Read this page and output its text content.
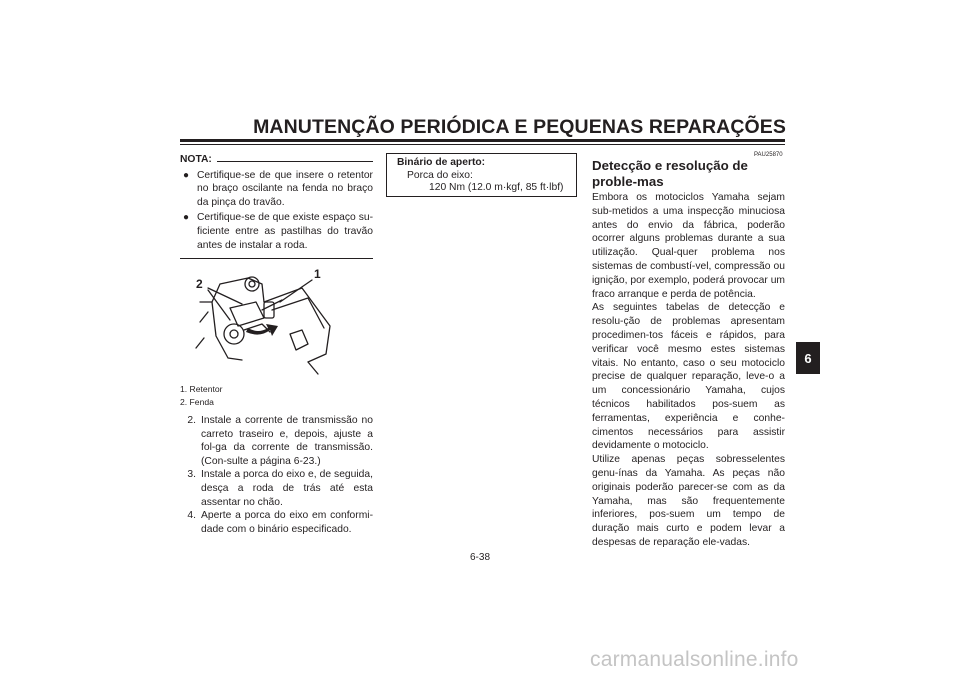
MANUTENÇÃO PERIÓDICA E PEQUENAS REPARAÇÕES
6
NOTA:
● Certifique-se de que insere o retentor no braço oscilante na fenda no braço da pinça do travão.
● Certifique-se de que existe espaço su-ficiente entre as pastilhas do travão antes de instalar a roda.
2
1
1. Retentor
2. Fenda
2. Instale a corrente de transmissão no carreto traseiro e, depois, ajuste a fol-ga da corrente de transmissão. (Con-sulte a página 6-23.)
3. Instale a porca do eixo e, de seguida, desça a roda de trás até esta assentar no chão.
4. Aperte a porca do eixo em conformi-dade com o binário especificado.
Binário de aperto:
Porca do eixo:
120 Nm (12.0 m·kgf, 85 ft·lbf)
PAU25870
Detecção e resolução de proble-mas
Embora os motociclos Yamaha sejam sub-metidos a uma inspecção minuciosa antes do envio da fábrica, poderão ocorrer alguns problemas durante a sua utilização. Qual-quer problema nos sistemas de combustí-vel, compressão ou ignição, por exemplo, poderá provocar um fraco arranque e perda de potência.
As seguintes tabelas de detecção e resolu-ção de problemas apresentam procedimen-tos fáceis e rápidos, para verificar você mesmo estes sistemas vitais. No entanto, caso o seu motociclo precise de qualquer reparação, leve-o a um concessionário Yamaha, cujos técnicos habilitados pos-suem as ferramentas, experiência e conhe-cimentos necessários para assistir devidamente o motociclo.
Utilize apenas peças sobresselentes genu-ínas da Yamaha. As peças não originais poderão parecer-se com as da Yamaha, mas são frequentemente inferiores, pos-suem um tempo de duração mais curto e podem levar a despesas de reparação ele-vadas.
6-38
carmanualsonline.info
